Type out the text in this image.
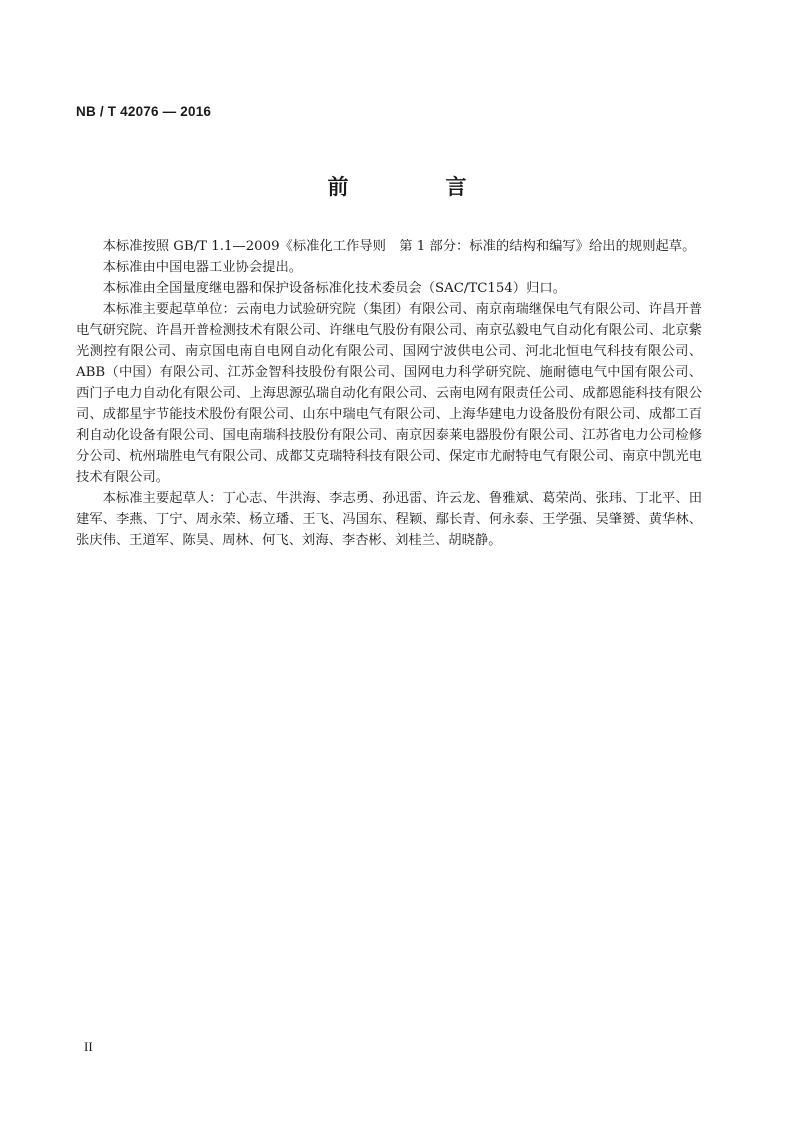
NB / T 42076 — 2016
前　言

本标准按照 GB/T 1.1—2009《标准化工作导则　第 1 部分：标准的结构和编写》给出的规则起草。

本标准由中国电器工业协会提出。

本标准由全国量度继电器和保护设备标准化技术委员会（SAC/TC154）归口。

本标准主要起草单位：云南电力试验研究院（集团）有限公司、南京南瑞继保电气有限公司、许昌开普电气研究院、许昌开普检测技术有限公司、许继电气股份有限公司、南京弘毅电气自动化有限公司、北京紫光测控有限公司、南京国电南自电网自动化有限公司、国网宁波供电公司、河北北恒电气科技有限公司、ABB（中国）有限公司、江苏金智科技股份有限公司、国网电力科学研究院、施耐德电气中国有限公司、西门子电力自动化有限公司、上海思源弘瑞自动化有限公司、云南电网有限责任公司、成都恩能科技有限公司、成都星宇节能技术股份有限公司、山东中瑞电气有限公司、上海华建电力设备股份有限公司、成都工百利自动化设备有限公司、国电南瑞科技股份有限公司、南京因泰莱电器股份有限公司、江苏省电力公司检修分公司、杭州瑞胜电气有限公司、成都艾克瑞特科技有限公司、保定市尤耐特电气有限公司、南京中凯光电技术有限公司。

本标准主要起草人：丁心志、牛洪海、李志勇、孙迅雷、许云龙、鲁雅斌、葛荣尚、张玮、丁北平、田建军、李燕、丁宁、周永荣、杨立璠、王飞、冯国东、程颖、鄢长青、何永泰、王学强、吴肇赟、黄华林、张庆伟、王道军、陈昊、周林、何飞、刘海、李杏彬、刘桂兰、胡晓静。

II
